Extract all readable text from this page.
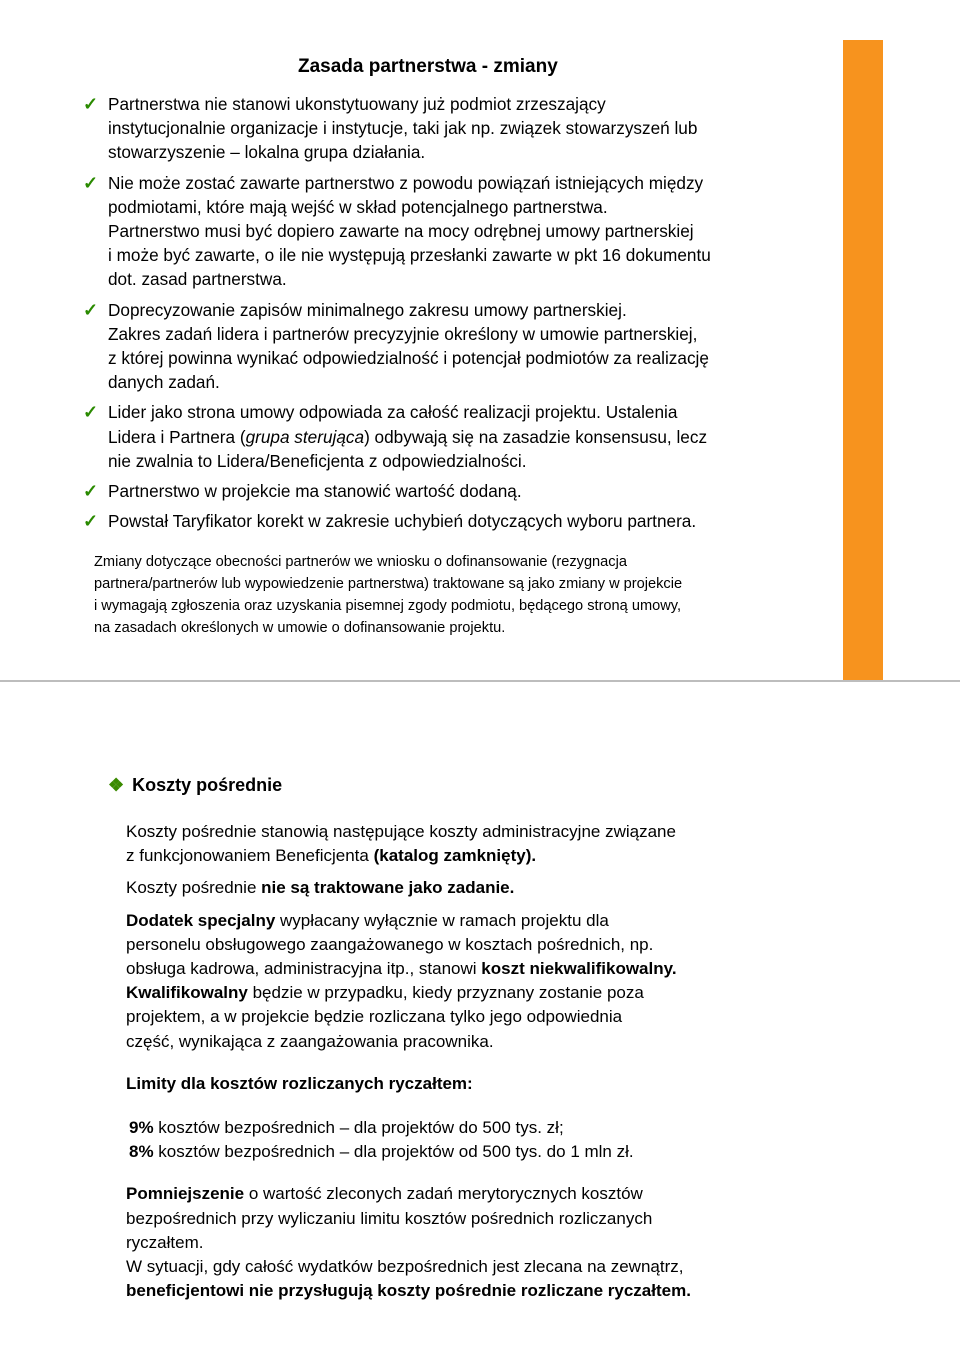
Zasada partnerstwa - zmiany
✓ Partnerstwa nie stanowi ukonstytuowany już podmiot zrzeszający
instytucjonalnie organizacje i instytucje, taki jak np. związek stowarzyszeń lub
stowarzyszenie – lokalna grupa działania.
✓ Nie może zostać zawarte partnerstwo z powodu powiązań istniejących między
podmiotami, które mają wejść w skład potencjalnego partnerstwa.
Partnerstwo musi być dopiero zawarte na mocy odrębnej umowy partnerskiej
i może być zawarte, o ile nie występują przesłanki zawarte w pkt 16 dokumentu
dot. zasad partnerstwa.
✓ Doprecyzowanie zapisów minimalnego zakresu umowy partnerskiej.
Zakres zadań lidera i partnerów precyzyjnie określony w umowie partnerskiej,
z której powinna wynikać odpowiedzialność i potencjał podmiotów za realizację
danych zadań.
✓ Lider jako strona umowy odpowiada za całość realizacji projektu. Ustalenia
Lidera i Partnera (grupa sterująca) odbywają się na zasadzie konsensusu, lecz
nie zwalnia to Lidera/Beneficjenta z odpowiedzialności.
✓ Partnerstwo w projekcie ma stanowić wartość dodaną.
✓ Powstał Taryfikator korekt w zakresie uchybień dotyczących wyboru partnera.
Zmiany dotyczące obecności partnerów we wniosku o dofinansowanie (rezygnacja
partnera/partnerów lub wypowiedzenie partnerstwa) traktowane są jako zmiany w projekcie
i wymagają zgłoszenia oraz uzyskania pisemnej zgody podmiotu, będącego stroną umowy,
na zasadach określonych w umowie o dofinansowanie projektu.
❖ Koszty pośrednie

Koszty pośrednie stanowią następujące koszty administracyjne związane
z funkcjonowaniem Beneficjenta (katalog zamknięty).

Koszty pośrednie nie są traktowane jako zadanie.

Dodatek specjalny wypłacany wyłącznie w ramach projektu dla
personelu obsługowego zaangażowanego w kosztach pośrednich, np.
obsługa kadrowa, administracyjna itp., stanowi koszt niekwalifikowalny.
Kwalifikowalny będzie w przypadku, kiedy przyznany zostanie poza
projektem, a w projekcie będzie rozliczana tylko jego odpowiednia
część, wynikająca z zaangażowania pracownika.

Limity dla kosztów rozliczanych ryczałtem:

9% kosztów bezpośrednich – dla projektów do 500 tys. zł;

8% kosztów bezpośrednich – dla projektów od 500 tys. do 1 mln zł.

Pomniejszenie o wartość zleconych zadań merytorycznych kosztów
bezpośrednich przy wyliczaniu limitu kosztów pośrednich rozliczanych
ryczałtem.
W sytuacji, gdy całość wydatków bezpośrednich jest zlecana na zewnątrz,
beneficjentowi nie przysługują koszty pośrednie rozliczane ryczałtem.
